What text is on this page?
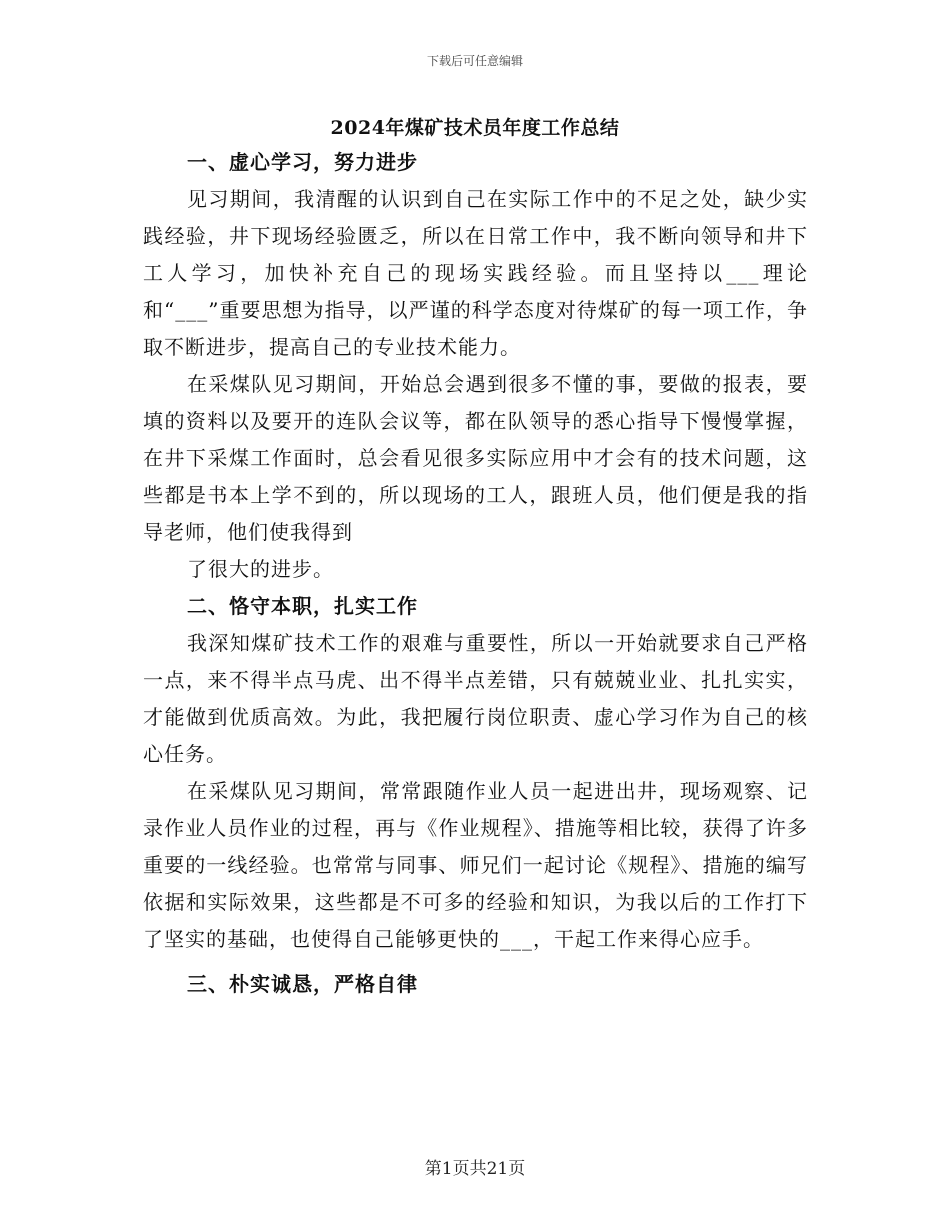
下载后可任意编辑
2024年煤矿技术员年度工作总结

一、虚心学习，努力进步

见习期间，我清醒的认识到自己在实际工作中的不足之处，缺少实践经验，井下现场经验匮乏，所以在日常工作中，我不断向领导和井下工人学习，加快补充自己的现场实践经验。而且坚持以___理论和“___”重要思想为指导，以严谨的科学态度对待煤矿的每一项工作，争取不断进步，提高自己的专业技术能力。

在采煤队见习期间，开始总会遇到很多不懂的事，要做的报表，要填的资料以及要开的连队会议等，都在队领导的悉心指导下慢慢掌握，在井下采煤工作面时，总会看见很多实际应用中才会有的技术问题，这些都是书本上学不到的，所以现场的工人，跟班人员，他们便是我的指导老师，他们使我得到

了很大的进步。

二、恪守本职，扎实工作

我深知煤矿技术工作的艰难与重要性，所以一开始就要求自己严格一点，来不得半点马虎、出不得半点差错，只有兢兢业业、扎扎实实，才能做到优质高效。为此，我把履行岗位职责、虚心学习作为自己的核心任务。

在采煤队见习期间，常常跟随作业人员一起进出井，现场观察、记录作业人员作业的过程，再与《作业规程》、措施等相比较，获得了许多重要的一线经验。也常常与同事、师兄们一起讨论《规程》、措施的编写依据和实际效果，这些都是不可多的经验和知识，为我以后的工作打下了坚实的基础，也使得自己能够更快的___，干起工作来得心应手。

三、朴实诚恳，严格自律

第1页共21页
